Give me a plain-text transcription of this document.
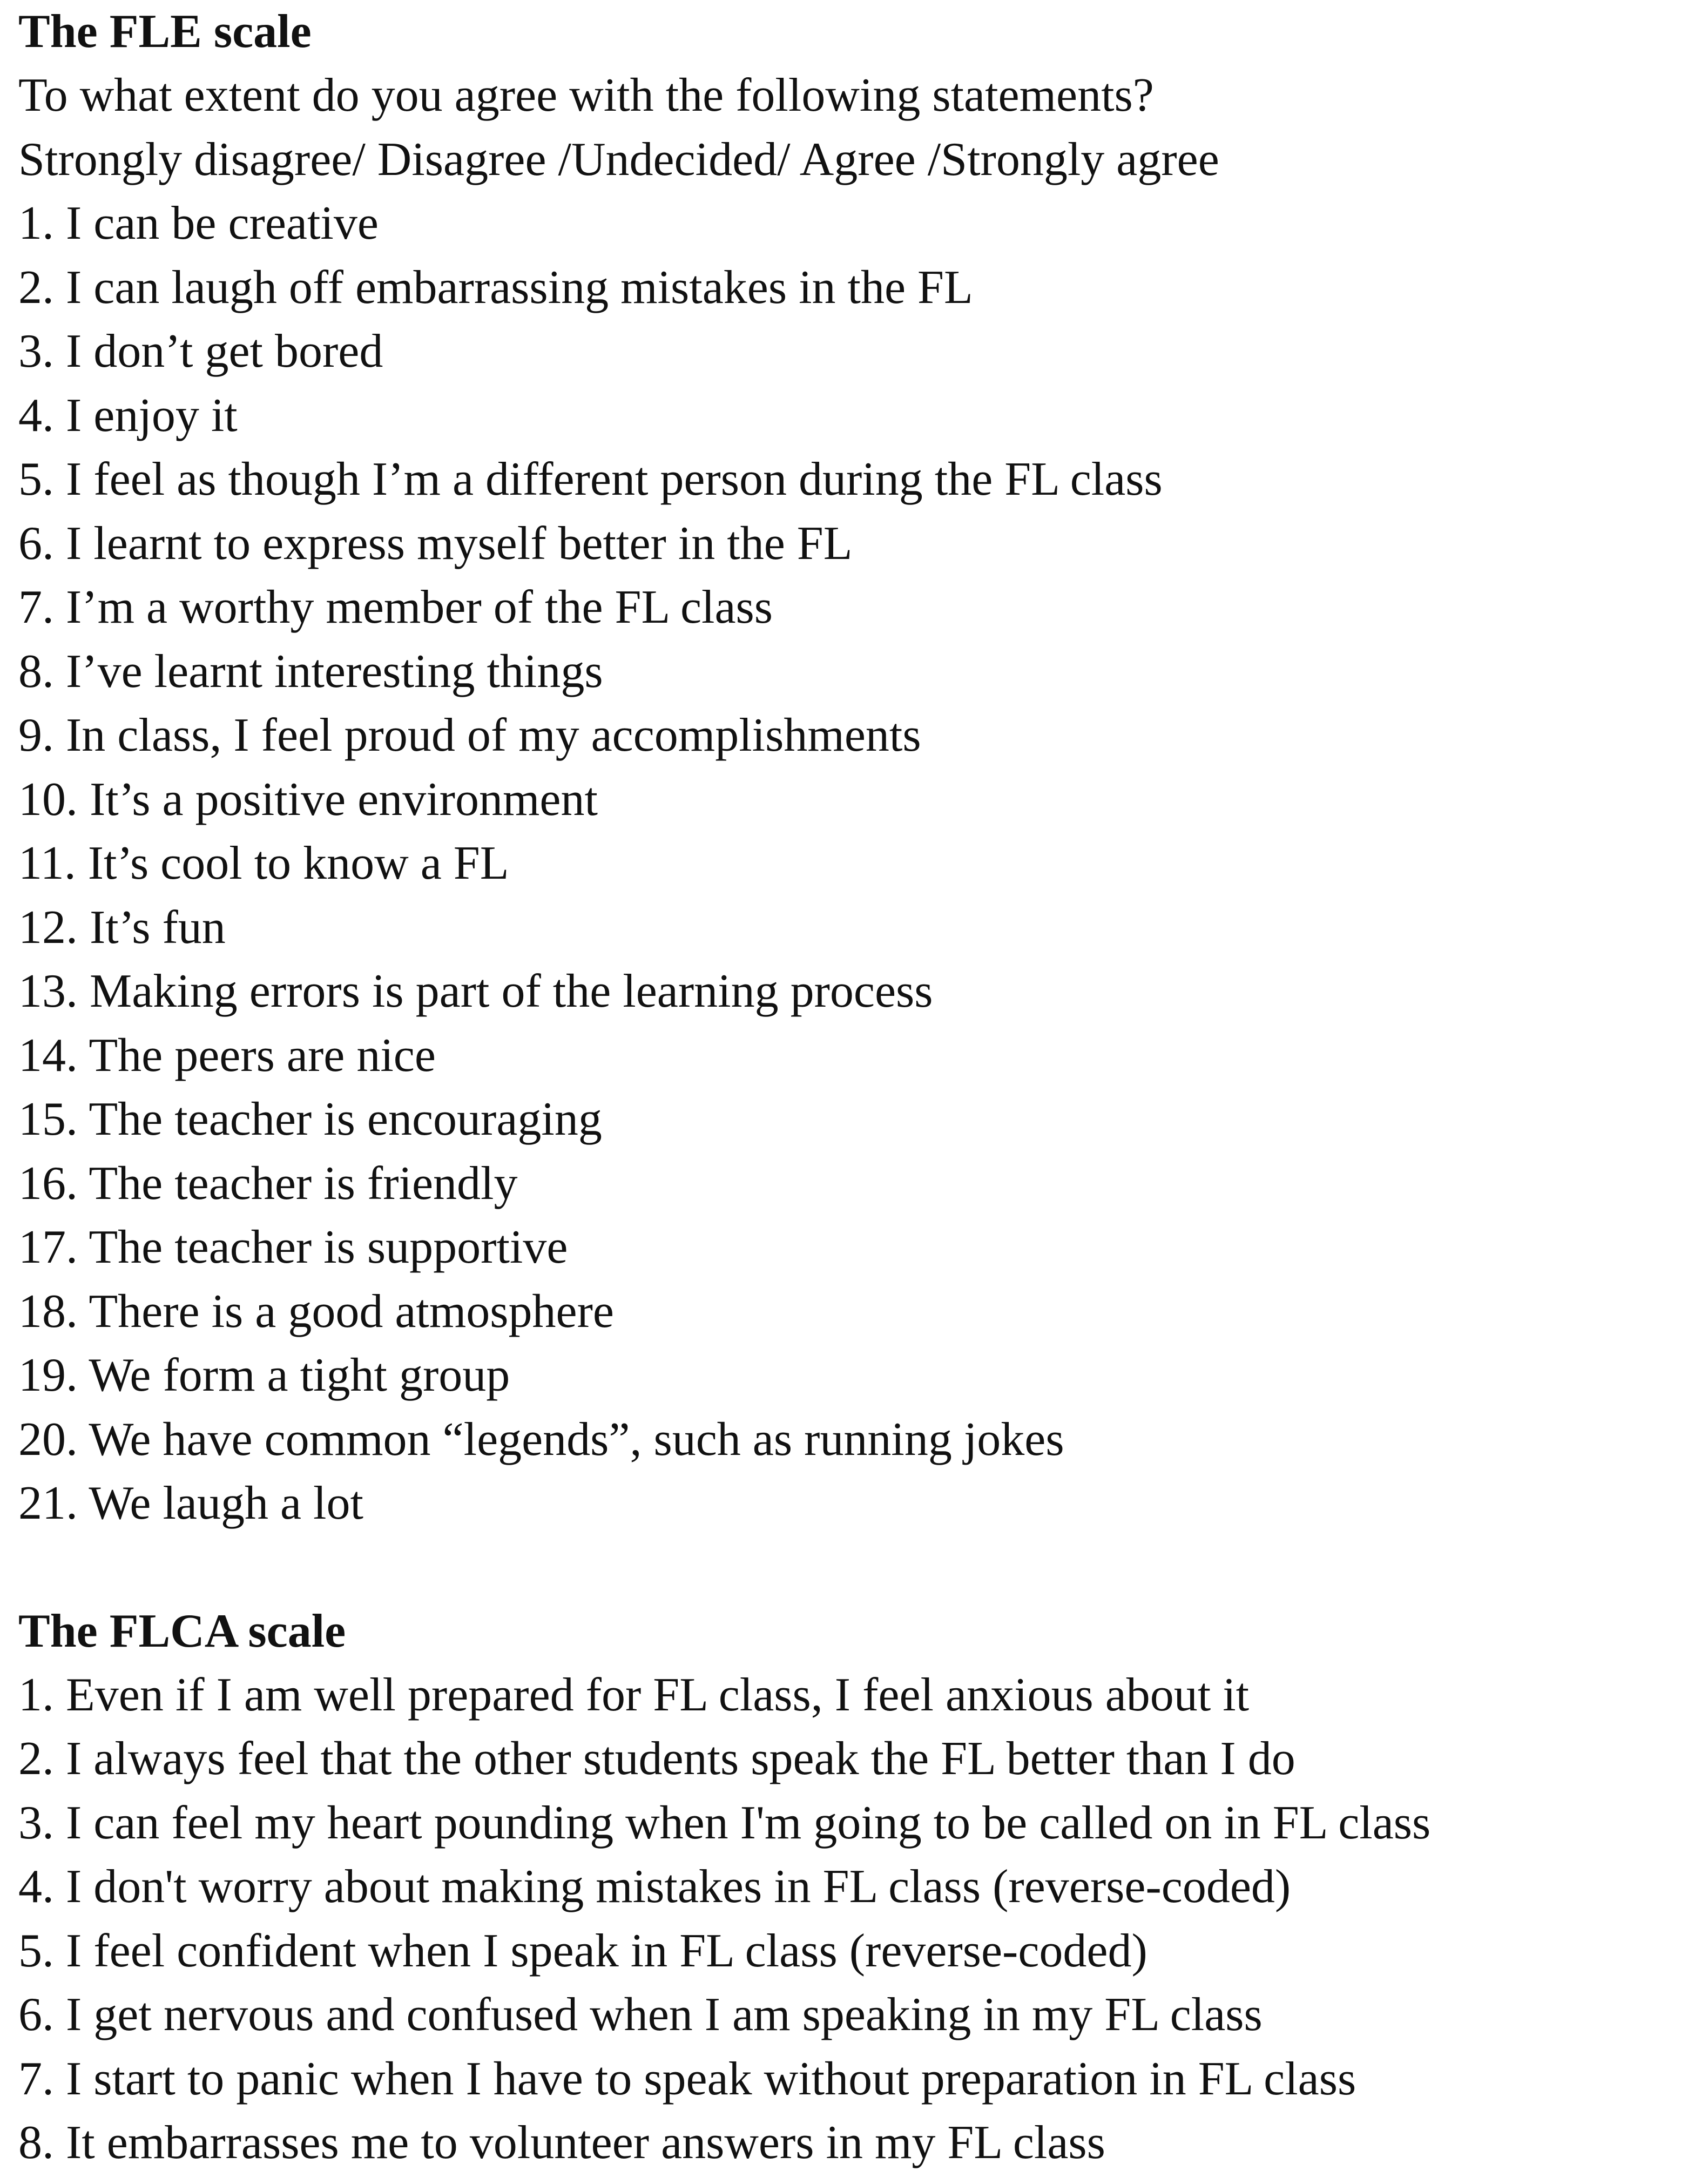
The FLE scale
To what extent do you agree with the following statements?
Strongly disagree/ Disagree /Undecided/ Agree /Strongly agree
1. I can be creative
2. I can laugh off embarrassing mistakes in the FL
3. I don’t get bored
4. I enjoy it
5. I feel as though I’m a different person during the FL class
6. I learnt to express myself better in the FL
7. I’m a worthy member of the FL class
8. I’ve learnt interesting things
9. In class, I feel proud of my accomplishments
10. It’s a positive environment
11. It’s cool to know a FL
12. It’s fun
13. Making errors is part of the learning process
14. The peers are nice
15. The teacher is encouraging
16. The teacher is friendly
17. The teacher is supportive
18. There is a good atmosphere
19. We form a tight group
20. We have common “legends”, such as running jokes
21. We laugh a lot
The FLCA scale
1. Even if I am well prepared for FL class, I feel anxious about it
2. I always feel that the other students speak the FL better than I do
3. I can feel my heart pounding when I'm going to be called on in FL class
4. I don't worry about making mistakes in FL class (reverse-coded)
5. I feel confident when I speak in FL class (reverse-coded)
6. I get nervous and confused when I am speaking in my FL class
7. I start to panic when I have to speak without preparation in FL class
8. It embarrasses me to volunteer answers in my FL class
